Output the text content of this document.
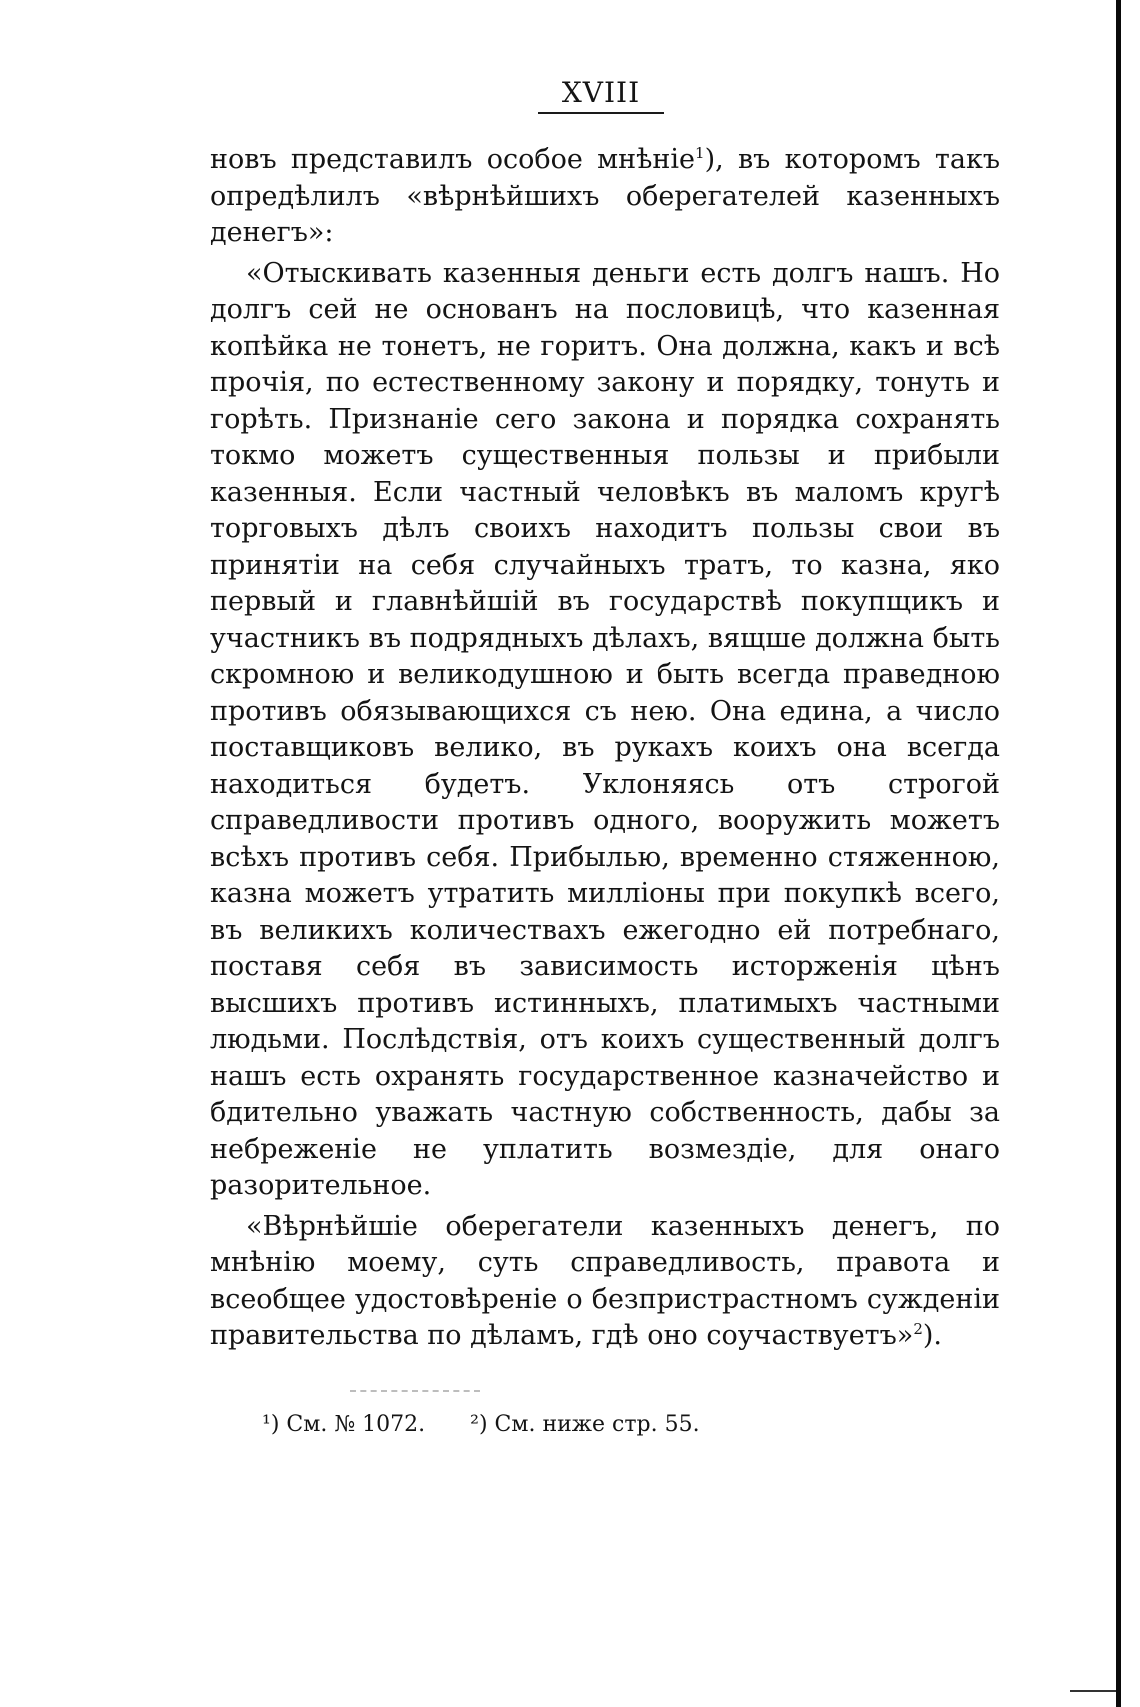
XVIII

новъ представилъ особое мнѣніе$^1$), въ которомъ такъ опредѣлилъ «вѣрнѣйшихъ оберегателей казенныхъ денегъ»:

«Отыскивать казенныя деньги есть долгъ нашъ. Но долгъ сей не основанъ на пословицѣ, что казенная копѣйка не тонетъ, не горитъ. Она должна, какъ и всѣ прочія, по естественному закону и порядку, тонуть и горѣть. Признаніе сего закона и порядка сохранять токмо можетъ существенныя пользы и прибыли казенныя. Если частный человѣкъ въ маломъ кругѣ торговыхъ дѣлъ своихъ находитъ пользы свои въ принятіи на себя случайныхъ тратъ, то казна, яко первый и главнѣйшій въ государствѣ покупщикъ и участникъ въ подрядныхъ дѣлахъ, вящше должна быть скромною и великодушною и быть всегда праведною противъ обязывающихся съ нею. Она едина, а число поставщиковъ велико, въ рукахъ коихъ она всегда находиться будетъ. Уклоняясь отъ строгой справедливости противъ одного, вооружить можетъ всѣхъ противъ себя. Прибылью, временно стяженною, казна можетъ утратить милліоны при покупкѣ всего, въ великихъ количествахъ ежегодно ей потребнаго, поставя себя въ зависимость исторженія цѣнъ высшихъ противъ истинныхъ, платимыхъ частными людьми. Послѣдствія, отъ коихъ существенный долгъ нашъ есть охранять государственное казначейство и бдительно уважать частную собственность, дабы за небреженіе не уплатить возмездіе, для онаго разорительное.

«Вѣрнѣйшіе оберегатели казенныхъ денегъ, по мнѣнію моему, суть справедливость, правота и всеобщее удостовѣреніе о безпристрастномъ сужденіи правительства по дѣламъ, гдѣ оно соучаствуетъ»$^2$).

¹) См. № 1072. ²) См. ниже стр. 55.
